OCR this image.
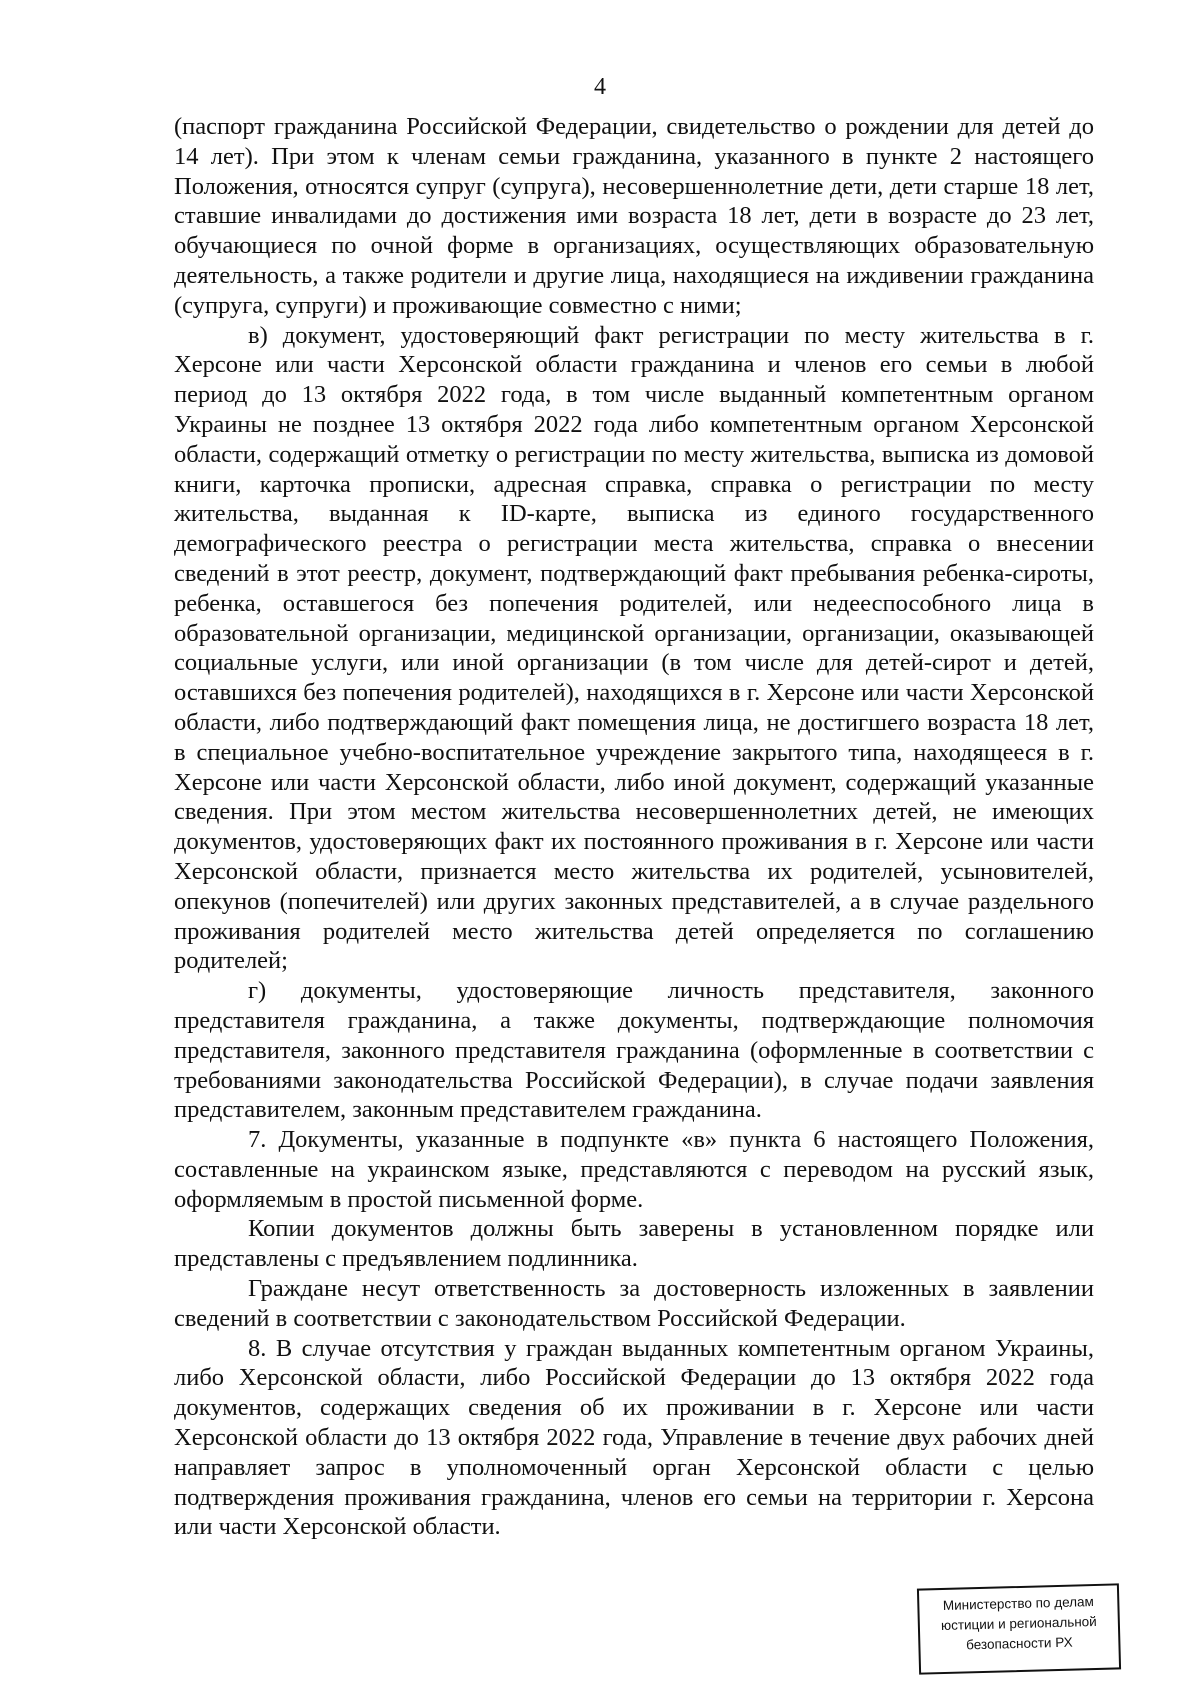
4

(паспорт гражданина Российской Федерации, свидетельство о рождении для детей до 14 лет). При этом к членам семьи гражданина, указанного в пункте 2 настоящего Положения, относятся супруг (супруга), несовершеннолетние дети, дети старше 18 лет, ставшие инвалидами до достижения ими возраста 18 лет, дети в возрасте до 23 лет, обучающиеся по очной форме в организациях, осуществляющих образовательную деятельность, а также родители и другие лица, находящиеся на иждивении гражданина (супруга, супруги) и проживающие совместно с ними;

в) документ, удостоверяющий факт регистрации по месту жительства в г. Херсоне или части Херсонской области гражданина и членов его семьи в любой период до 13 октября 2022 года, в том числе выданный компетентным органом Украины не позднее 13 октября 2022 года либо компетентным органом Херсонской области, содержащий отметку о регистрации по месту жительства, выписка из домовой книги, карточка прописки, адресная справка, справка о регистрации по месту жительства, выданная к ID-карте, выписка из единого государственного демографического реестра о регистрации места жительства, справка о внесении сведений в этот реестр, документ, подтверждающий факт пребывания ребенка-сироты, ребенка, оставшегося без попечения родителей, или недееспособного лица в образовательной организации, медицинской организации, организации, оказывающей социальные услуги, или иной организации (в том числе для детей-сирот и детей, оставшихся без попечения родителей), находящихся в г. Херсоне или части Херсонской области, либо подтверждающий факт помещения лица, не достигшего возраста 18 лет, в специальное учебно-воспитательное учреждение закрытого типа, находящееся в г. Херсоне или части Херсонской области, либо иной документ, содержащий указанные сведения. При этом местом жительства несовершеннолетних детей, не имеющих документов, удостоверяющих факт их постоянного проживания в г. Херсоне или части Херсонской области, признается место жительства их родителей, усыновителей, опекунов (попечителей) или других законных представителей, а в случае раздельного проживания родителей место жительства детей определяется по соглашению родителей;

г) документы, удостоверяющие личность представителя, законного представителя гражданина, а также документы, подтверждающие полномочия представителя, законного представителя гражданина (оформленные в соответствии с требованиями законодательства Российской Федерации), в случае подачи заявления представителем, законным представителем гражданина.

7. Документы, указанные в подпункте «в» пункта 6 настоящего Положения, составленные на украинском языке, представляются с переводом на русский язык, оформляемым в простой письменной форме.

Копии документов должны быть заверены в установленном порядке или представлены с предъявлением подлинника.

Граждане несут ответственность за достоверность изложенных в заявлении сведений в соответствии с законодательством Российской Федерации.

8. В случае отсутствия у граждан выданных компетентным органом Украины, либо Херсонской области, либо Российской Федерации до 13 октября 2022 года документов, содержащих сведения об их проживании в г. Херсоне или части Херсонской области до 13 октября 2022 года, Управление в течение двух рабочих дней направляет запрос в уполномоченный орган Херсонской области с целью подтверждения проживания гражданина, членов его семьи на территории г. Херсона или части Херсонской области.

Министерство по делам
юстиции и региональной
безопасности РХ
